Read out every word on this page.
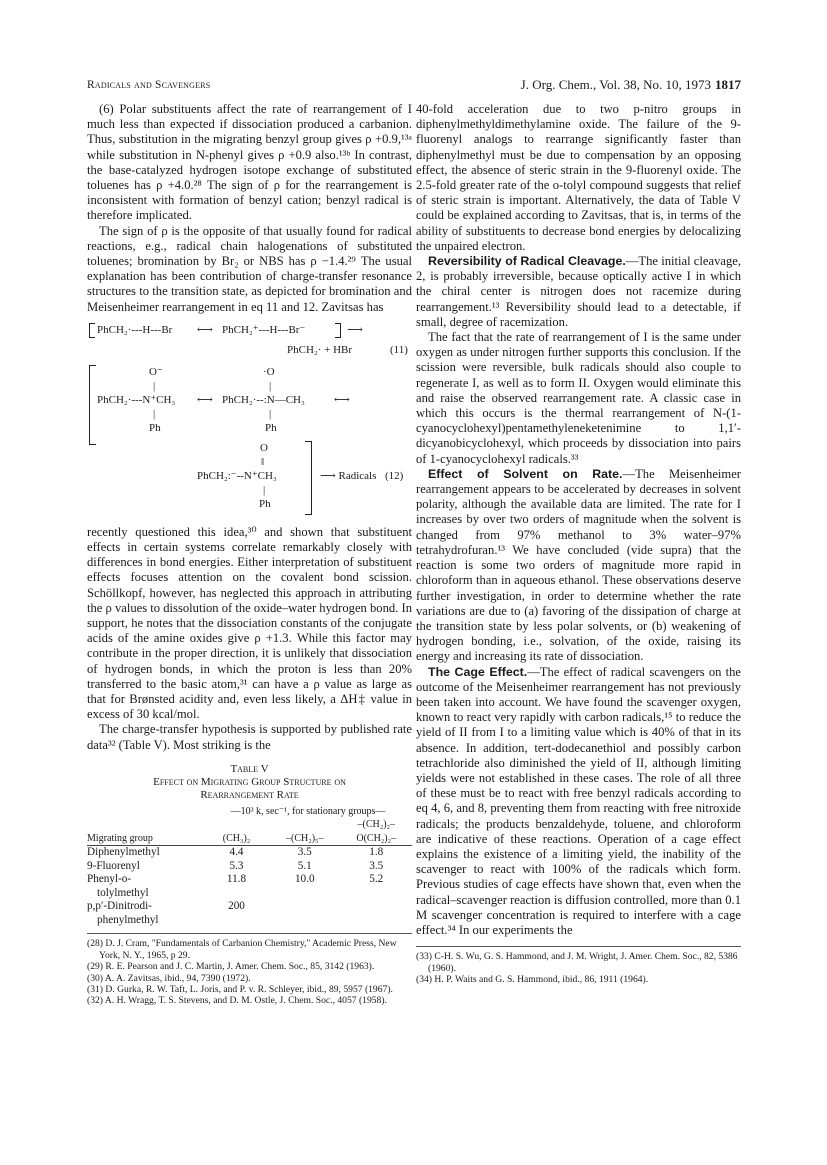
Radicals and Scavengers	J. Org. Chem., Vol. 38, No. 10, 1973 1817

(6) Polar substituents affect the rate of rearrangement of I much less than expected if dissociation produced a carbanion. Thus, substitution in the migrating benzyl group gives ρ +0.9,¹³ᵃ while substitution in N-phenyl gives ρ +0.9 also.¹³ᵇ In contrast, the base-catalyzed hydrogen isotope exchange of substituted toluenes has ρ +4.0.²⁸ The sign of ρ for the rearrangement is inconsistent with formation of benzyl cation; benzyl radical is therefore implicated.

The sign of ρ is the opposite of that usually found for radical reactions, e.g., radical chain halogenations of substituted toluenes; bromination by Br₂ or NBS has ρ −1.4.²⁹ The usual explanation has been contribution of charge-transfer resonance structures to the transition state, as depicted for bromination and Meisenheimer rearrangement in eq 11 and 12. Zavitsas has

PhCH₂·---H---Br ⟷ PhCH₂⁺---H---Br⁻	⟶
PhCH₂· + HBr	(11)
O⁻
|
PhCH₂·---N⁺CH₃
|
Ph
⟷
·O
|
PhCH₂·--:N—CH₃
|
Ph
⟷
O
‖
PhCH₂:⁻--N⁺CH₃
|
Ph
⟶ Radicals (12)

recently questioned this idea,³⁰ and shown that substituent effects in certain systems correlate remarkably closely with differences in bond energies. Either interpretation of substituent effects focuses attention on the covalent bond scission. Schöllkopf, however, has neglected this approach in attributing the ρ values to dissolution of the oxide–water hydrogen bond. In support, he notes that the dissociation constants of the conjugate acids of the amine oxides give ρ +1.3. While this factor may contribute in the proper direction, it is unlikely that dissociation of hydrogen bonds, in which the proton is less than 20% transferred to the basic atom,³¹ can have a ρ value as large as that for Brønsted acidity and, even less likely, a ΔH‡ value in excess of 30 kcal/mol.

The charge-transfer hypothesis is supported by published rate data³² (Table V). Most striking is the

Table V
Effect on Migrating Group Structure on
Rearrangement Rate
	—10³ k, sec⁻¹, for stationary groups—		
Migrating group	(CH₃)₂	–(CH₂)₅–	–(CH₂)₂–
O(CH₂)₂–

Diphenylmethyl	4.4	3.5	1.8
9-Fluorenyl	5.3	5.1	3.5
Phenyl-o-	11.8	10.0	5.2
tolylmethyl			
p,p′-Dinitrodi-	200		
phenylmethyl			
(28) D. J. Cram, "Fundamentals of Carbanion Chemistry," Academic Press, New York, N. Y., 1965, p 29.
(29) R. E. Pearson and J. C. Martin, J. Amer. Chem. Soc., 85, 3142 (1963).
(30) A. A. Zavitsas, ibid., 94, 7390 (1972).
(31) D. Gurka, R. W. Taft, L. Joris, and P. v. R. Schleyer, ibid., 89, 5957 (1967).
(32) A. H. Wragg, T. S. Stevens, and D. M. Ostle, J. Chem. Soc., 4057 (1958).

40-fold acceleration due to two p-nitro groups in diphenylmethyldimethylamine oxide. The failure of the 9-fluorenyl analogs to rearrange significantly faster than diphenylmethyl must be due to compensation by an opposing effect, the absence of steric strain in the 9-fluorenyl oxide. The 2.5-fold greater rate of the o-tolyl compound suggests that relief of steric strain is important. Alternatively, the data of Table V could be explained according to Zavitsas, that is, in terms of the ability of substituents to decrease bond energies by delocalizing the unpaired electron.

Reversibility of Radical Cleavage.—The initial cleavage, 2, is probably irreversible, because optically active I in which the chiral center is nitrogen does not racemize during rearrangement.¹³ Reversibility should lead to a detectable, if small, degree of racemization.

The fact that the rate of rearrangement of I is the same under oxygen as under nitrogen further supports this conclusion. If the scission were reversible, bulk radicals should also couple to regenerate I, as well as to form II. Oxygen would eliminate this and raise the observed rearrangement rate. A classic case in which this occurs is the thermal rearrangement of N-(1-cyanocyclohexyl)pentamethyleneketenimine to 1,1′-dicyanobicyclohexyl, which proceeds by dissociation into pairs of 1-cyanocyclohexyl radicals.³³

Effect of Solvent on Rate.—The Meisenheimer rearrangement appears to be accelerated by decreases in solvent polarity, although the available data are limited. The rate for I increases by over two orders of magnitude when the solvent is changed from 97% methanol to 3% water–97% tetrahydrofuran.¹³ We have concluded (vide supra) that the reaction is some two orders of magnitude more rapid in chloroform than in aqueous ethanol. These observations deserve further investigation, in order to determine whether the rate variations are due to (a) favoring of the dissipation of charge at the transition state by less polar solvents, or (b) weakening of hydrogen bonding, i.e., solvation, of the oxide, raising its energy and increasing its rate of dissociation.

The Cage Effect.—The effect of radical scavengers on the outcome of the Meisenheimer rearrangement has not previously been taken into account. We have found the scavenger oxygen, known to react very rapidly with carbon radicals,¹⁵ to reduce the yield of II from I to a limiting value which is 40% of that in its absence. In addition, tert-dodecanethiol and possibly carbon tetrachloride also diminished the yield of II, although limiting yields were not established in these cases. The role of all three of these must be to react with free benzyl radicals according to eq 4, 6, and 8, preventing them from reacting with free nitroxide radicals; the products benzaldehyde, toluene, and chloroform are indicative of these reactions. Operation of a cage effect explains the existence of a limiting yield, the inability of the scavenger to react with 100% of the radicals which form. Previous studies of cage effects have shown that, even when the radical–scavenger reaction is diffusion controlled, more than 0.1 M scavenger concentration is required to interfere with a cage effect.³⁴ In our experiments the

(33) C-H. S. Wu, G. S. Hammond, and J. M. Wright, J. Amer. Chem. Soc., 82, 5386 (1960).
(34) H. P. Waits and G. S. Hammond, ibid., 86, 1911 (1964).
